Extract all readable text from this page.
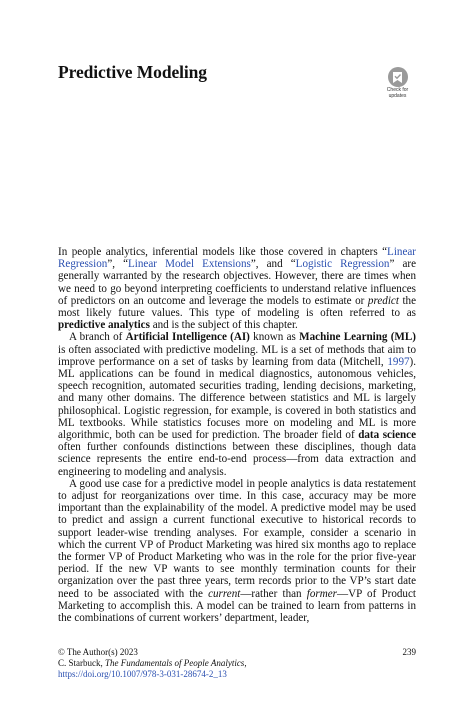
Predictive Modeling
Check for
updates

In people analytics, inferential models like those covered in chapters “Linear Regression”, “Linear Model Extensions”, and “Logistic Regression” are generally warranted by the research objectives. However, there are times when we need to go beyond interpreting coefficients to understand relative influences of predictors on an outcome and leverage the models to estimate or predict the most likely future values. This type of modeling is often referred to as predictive analytics and is the subject of this chapter.

A branch of Artificial Intelligence (AI) known as Machine Learning (ML) is often associated with predictive modeling. ML is a set of methods that aim to improve performance on a set of tasks by learning from data (Mitchell, 1997). ML applications can be found in medical diagnostics, autonomous vehicles, speech recognition, automated securities trading, lending decisions, marketing, and many other domains. The difference between statistics and ML is largely philosophical. Logistic regression, for example, is covered in both statistics and ML textbooks. While statistics focuses more on modeling and ML is more algorithmic, both can be used for prediction. The broader field of data science often further confounds distinctions between these disciplines, though data science represents the entire end-to-end process—from data extraction and engineering to modeling and analysis.

A good use case for a predictive model in people analytics is data restatement to adjust for reorganizations over time. In this case, accuracy may be more important than the explainability of the model. A predictive model may be used to predict and assign a current functional executive to historical records to support leader-wise trending analyses. For example, consider a scenario in which the current VP of Product Marketing was hired six months ago to replace the former VP of Product Marketing who was in the role for the prior five-year period. If the new VP wants to see monthly termination counts for their organization over the past three years, term records prior to the VP’s start date need to be associated with the current—rather than former—VP of Product Marketing to accomplish this. A model can be trained to learn from patterns in the combinations of current workers’ department, leader,

© The Author(s) 2023	239
C. Starbuck, The Fundamentals of People Analytics,
https://doi.org/10.1007/978-3-031-28674-2_13
